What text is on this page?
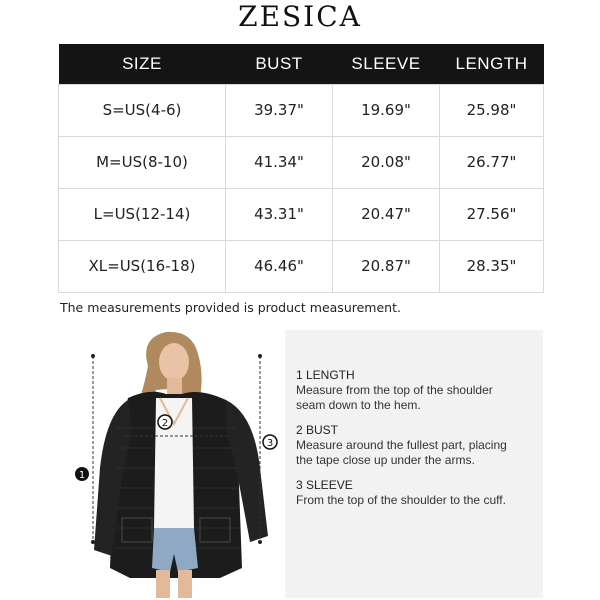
ZESICA
SIZE	BUST	SLEEVE	LENGTH
S=US(4-6)	39.37"	19.69"	25.98"
M=US(8-10)	41.34"	20.08"	26.77"
L=US(12-14)	43.31"	20.47"	27.56"
XL=US(16-18)	46.46"	20.87"	28.35"
The measurements provided is product measurement.
1
2
3
1 LENGTH
Measure from the top of the shoulder
seam down to the hem.
2 BUST
Measure around the fullest part, placing
the tape close up under the arms.
3 SLEEVE
From the top of the shoulder to the cuff.
